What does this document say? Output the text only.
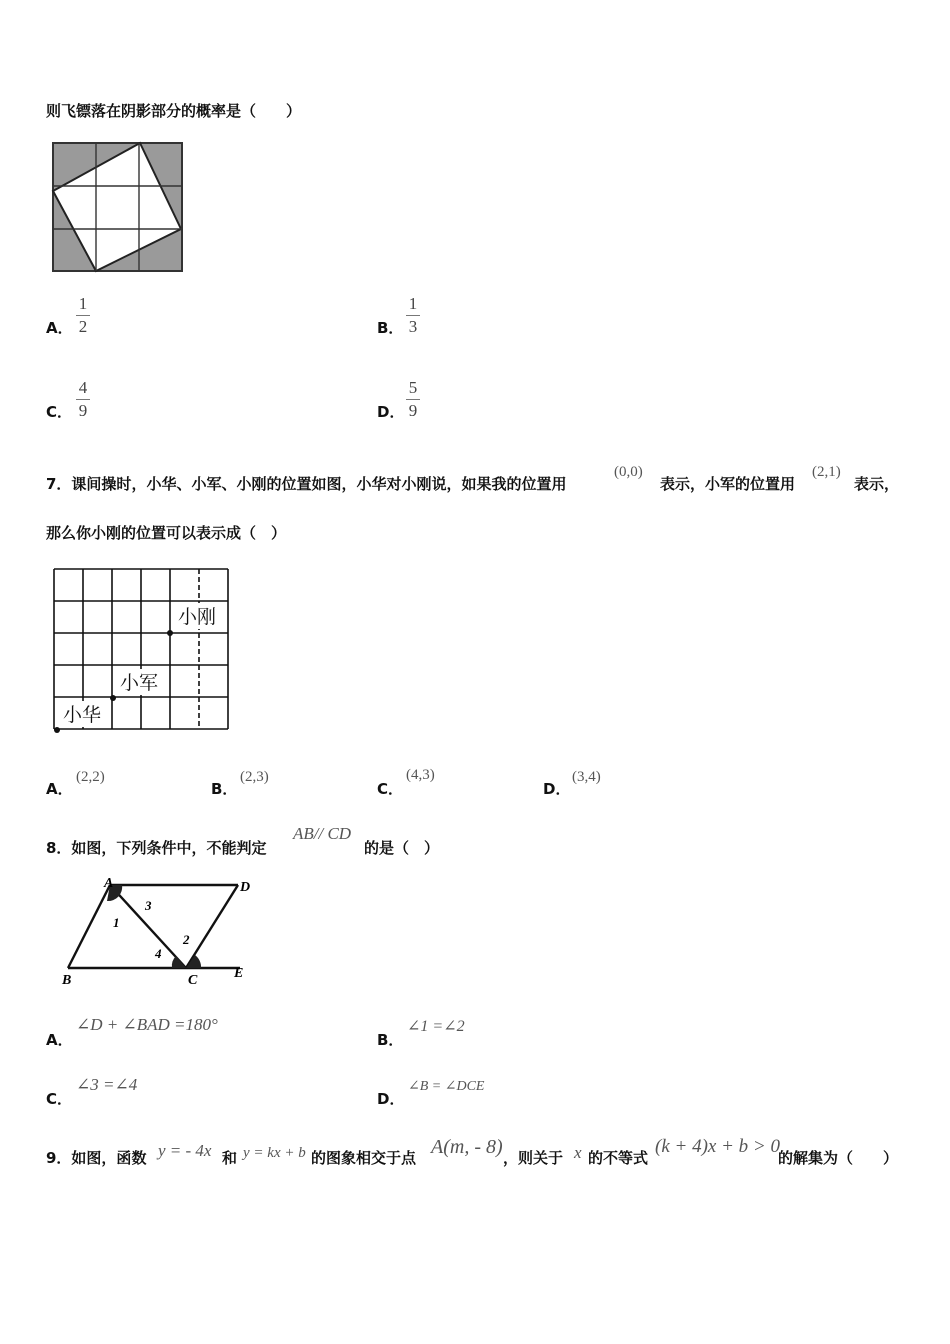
则飞镖落在阴影部分的概率是（　　）
A．
1
2	B．
1
3
C．
4
9	D．
5
9
7．课间操时，小华、小军、小刚的位置如图，小华对小刚说，如果我的位置用
(0,0)
表示，小军的位置用
(2,1)
表示，
那么你小刚的位置可以表示成（　）
小刚
小军
小华
A．
(2,2)
B．
(2,3)
C．
(4,3)
D．
(3,4)
8．如图，下列条件中，不能判定
AB// CD
的是（　）
A	D
B	C	E
1
3
2
4
A．
∠D + ∠BAD =180°
B．
∠1 =∠2
C．
∠3 =∠4
D．
∠B = ∠DCE
9．如图，函数 y = - 4x 和 y = kx + b 的图象相交于点 A(m, - 8) ，则关于 x 的不等式
(k + 4)x + b > 0
的解集为（　　）
